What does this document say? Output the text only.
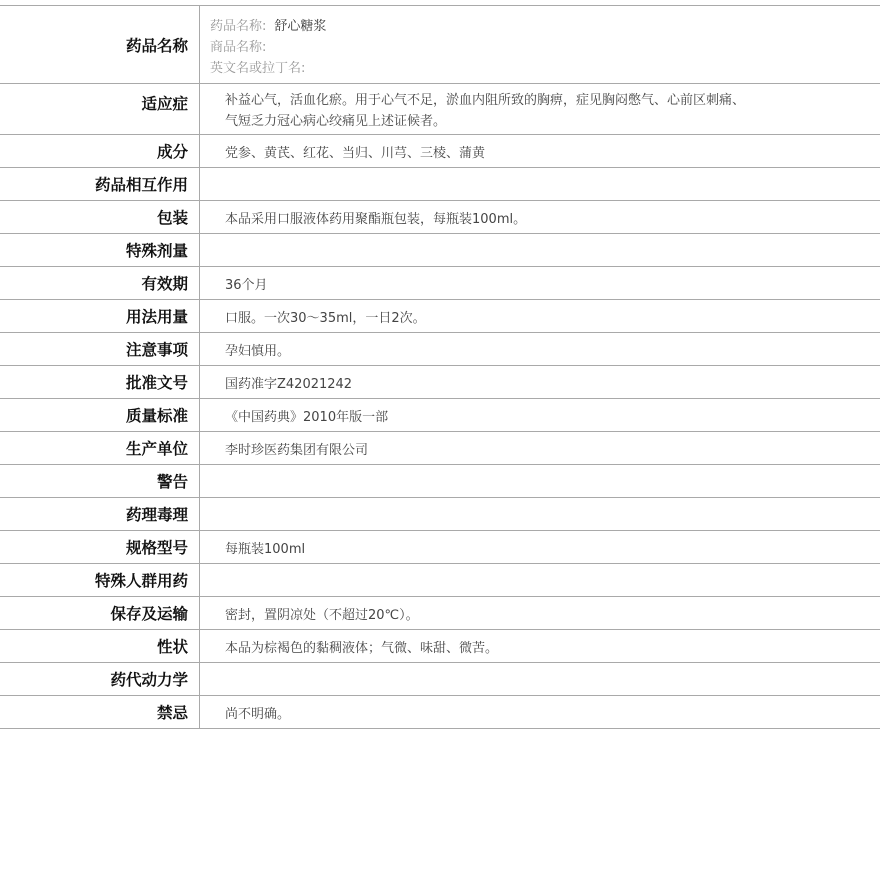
药品名称
药品名称: 舒心糖浆
商品名称:
英文名或拉丁名:
适应症	补益心气，活血化瘀。用于心气不足，淤血内阻所致的胸痹，症见胸闷憋气、心前区刺痛、
气短乏力冠心病心绞痛见上述证候者。
成分	党参、黄芪、红花、当归、川芎、三棱、蒲黄
药品相互作用
包装	本品采用口服液体药用聚酯瓶包装，每瓶装100ml。
特殊剂量
有效期	36个月
用法用量	口服。一次30～35ml，一日2次。
注意事项	孕妇慎用。
批准文号	国药准字Z42021242
质量标准	《中国药典》2010年版一部
生产单位	李时珍医药集团有限公司
警告
药理毒理
规格型号	每瓶装100ml
特殊人群用药
保存及运输	密封，置阴凉处（不超过20℃）。
性状	本品为棕褐色的黏稠液体；气微、味甜、微苦。
药代动力学
禁忌	尚不明确。
